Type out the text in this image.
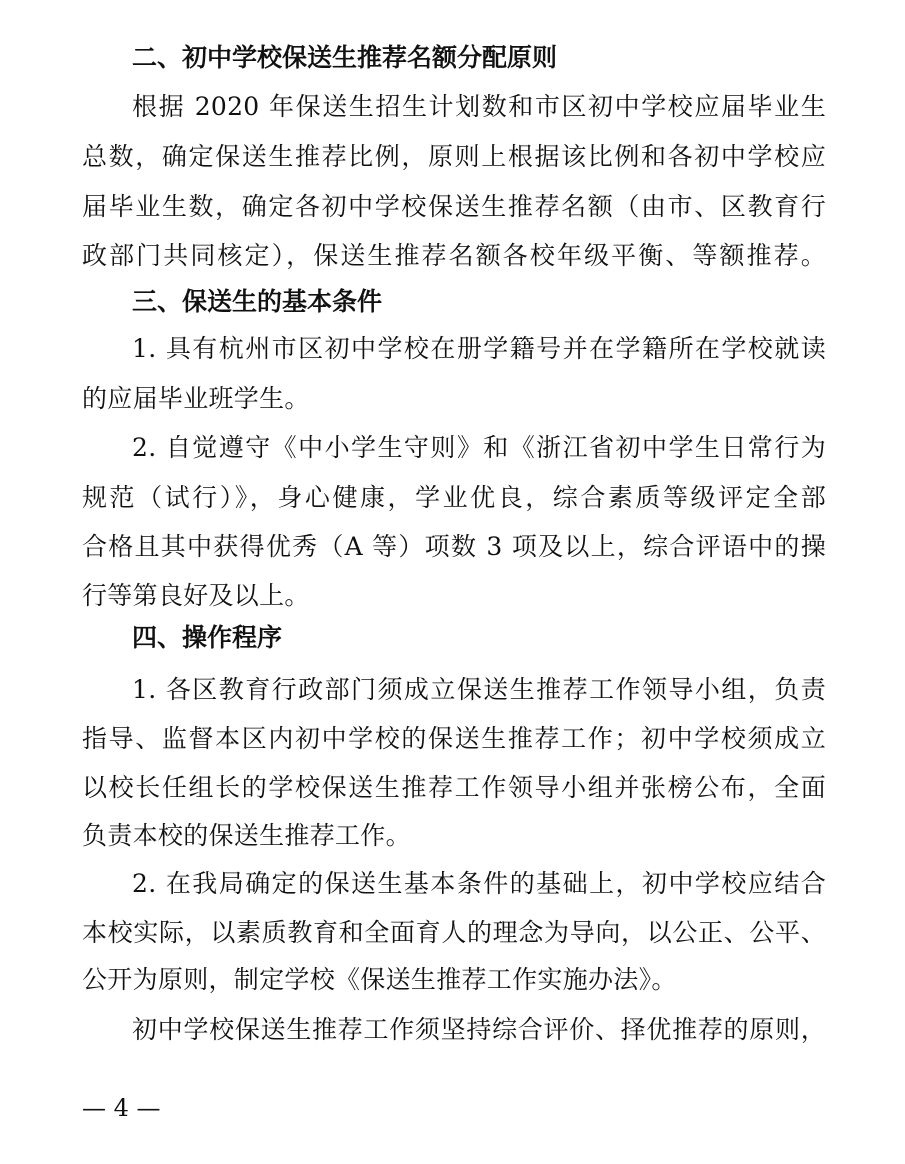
二、初中学校保送生推荐名额分配原则
根据 2020 年保送生招生计划数和市区初中学校应届毕业生
总数，确定保送生推荐比例，原则上根据该比例和各初中学校应
届毕业生数，确定各初中学校保送生推荐名额（由市、区教育行
政部门共同核定），保送生推荐名额各校年级平衡、等额推荐。
三、保送生的基本条件
1. 具有杭州市区初中学校在册学籍号并在学籍所在学校就读
的应届毕业班学生。
2. 自觉遵守《中小学生守则》和《浙江省初中学生日常行为
规范（试行）》，身心健康，学业优良，综合素质等级评定全部
合格且其中获得优秀（A 等）项数 3 项及以上，综合评语中的操
行等第良好及以上。
四、操作程序
1. 各区教育行政部门须成立保送生推荐工作领导小组，负责
指导、监督本区内初中学校的保送生推荐工作；初中学校须成立
以校长任组长的学校保送生推荐工作领导小组并张榜公布，全面
负责本校的保送生推荐工作。
2. 在我局确定的保送生基本条件的基础上，初中学校应结合
本校实际，以素质教育和全面育人的理念为导向，以公正、公平、
公开为原则，制定学校《保送生推荐工作实施办法》。
初中学校保送生推荐工作须坚持综合评价、择优推荐的原则，
— 4 —
